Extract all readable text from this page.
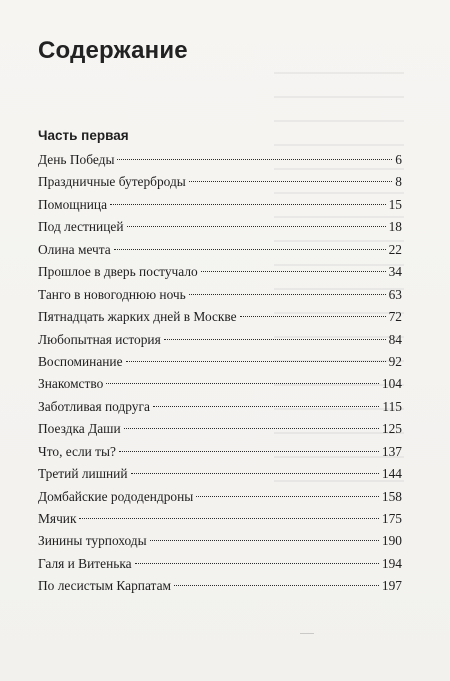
Содержание
Часть первая
День Победы	6
Праздничные бутерброды	8
Помощница	15
Под лестницей	18
Олина мечта	22
Прошлое в дверь постучало	34
Танго в новогоднюю ночь	63
Пятнадцать жарких дней в Москве	72
Любопытная история	84
Воспоминание	92
Знакомство	104
Заботливая подруга	115
Поездка Даши	125
Что, если ты?	137
Третий лишний	144
Домбайские рододендроны	158
Мячик	175
Зинины турпоходы	190
Галя и Витенька	194
По лесистым Карпатам	197
